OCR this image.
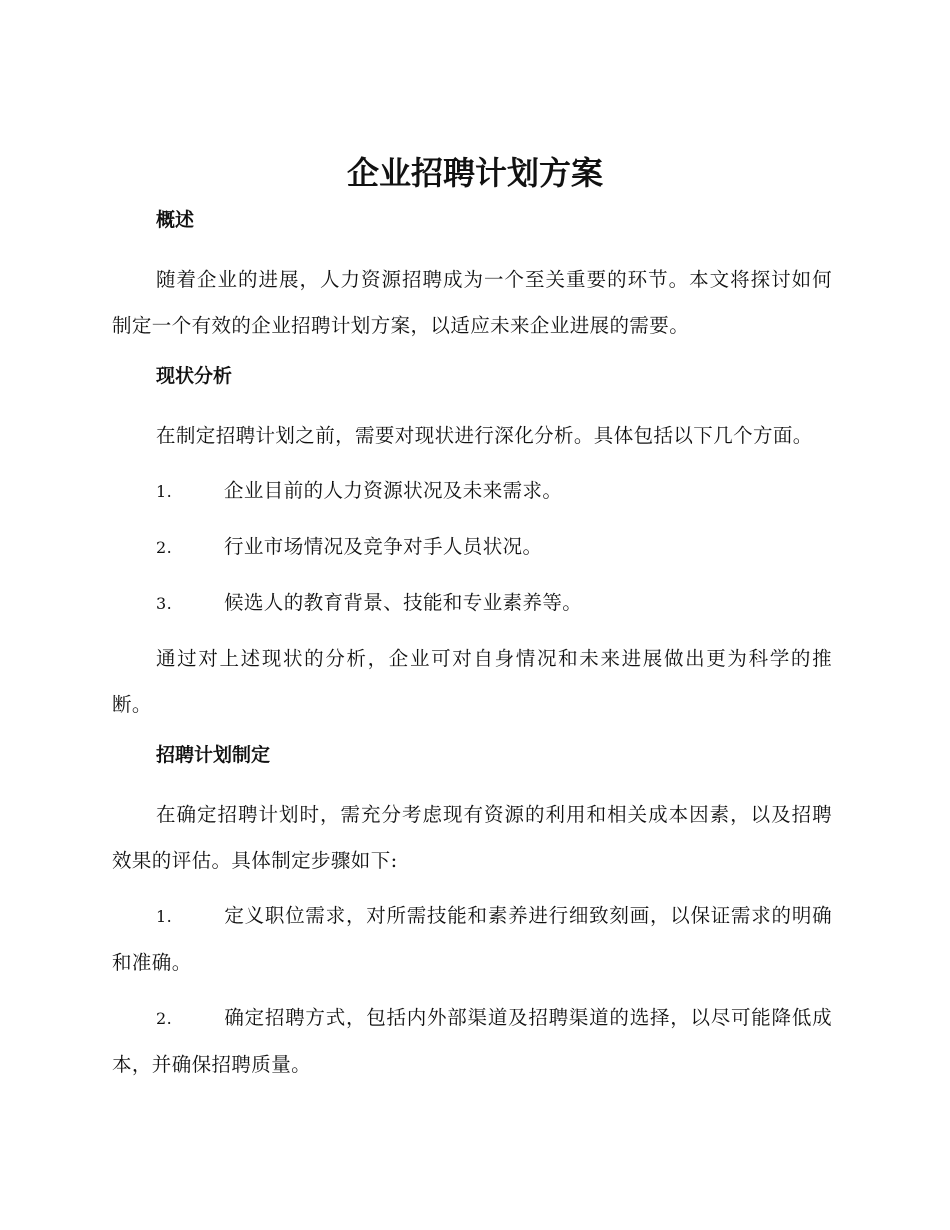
企业招聘计划方案
概述

随着企业的进展，人力资源招聘成为一个至关重要的环节。本文将探讨如何制定一个有效的企业招聘计划方案，以适应未来企业进展的需要。

现状分析

在制定招聘计划之前，需要对现状进行深化分析。具体包括以下几个方面。

1.	企业目前的人力资源状况及未来需求。

2.	行业市场情况及竞争对手人员状况。

3.	候选人的教育背景、技能和专业素养等。

通过对上述现状的分析，企业可对自身情况和未来进展做出更为科学的推断。

招聘计划制定

在确定招聘计划时，需充分考虑现有资源的利用和相关成本因素，以及招聘效果的评估。具体制定步骤如下:

1.	定义职位需求，对所需技能和素养进行细致刻画，以保证需求的明确和准确。

2.	确定招聘方式，包括内外部渠道及招聘渠道的选择，以尽可能降低成本，并确保招聘质量。
